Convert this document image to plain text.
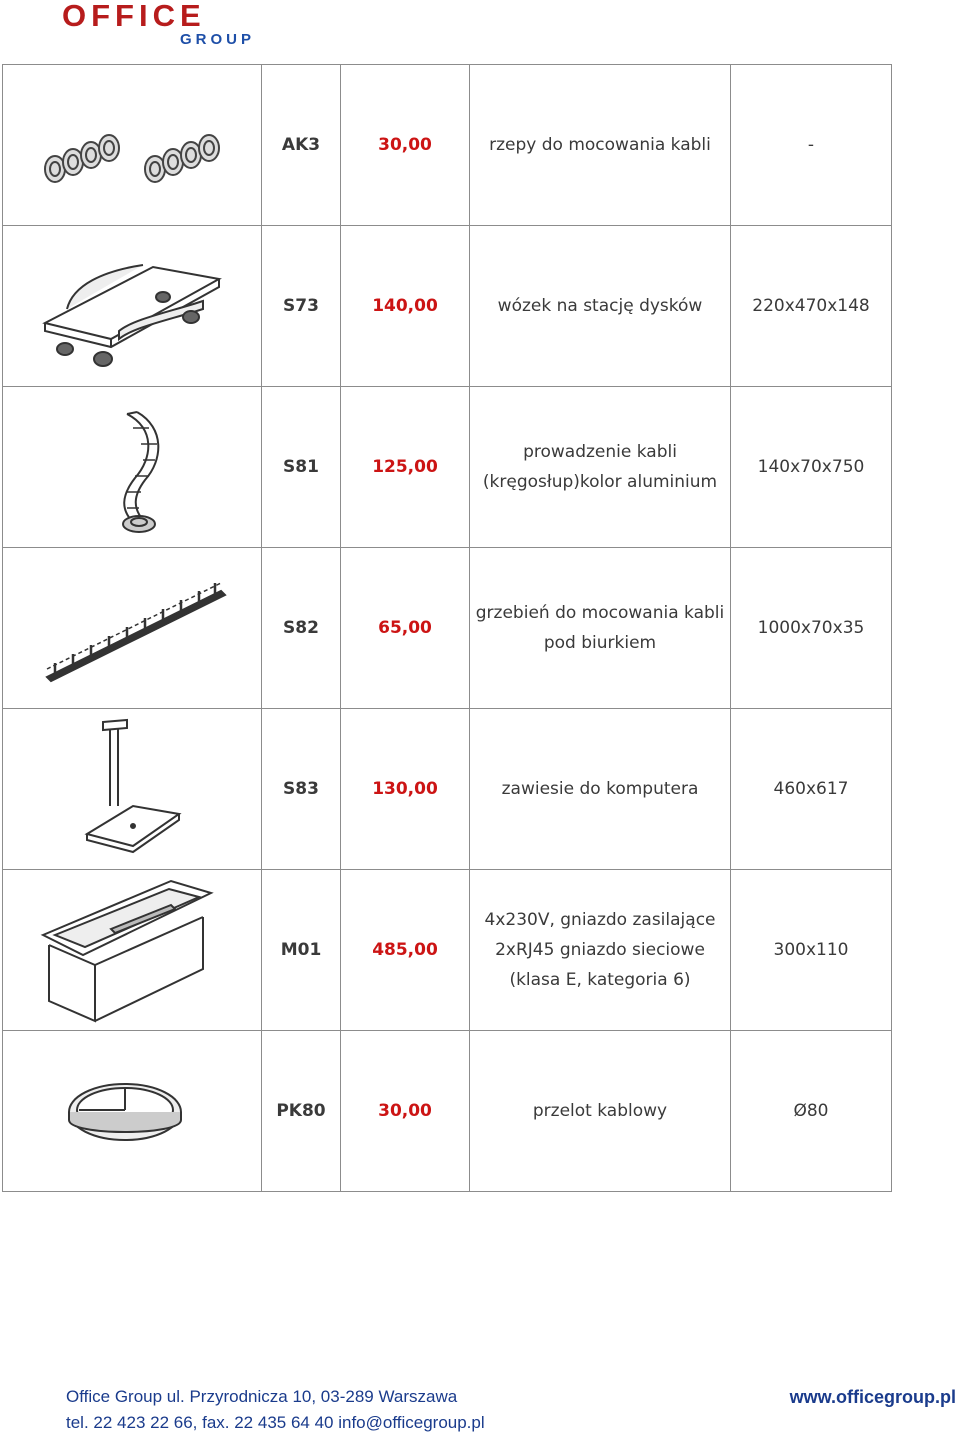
OFFICE
GROUP
	AK3	30,00	rzepy do mocowania kabli	-

	S73	140,00	wózek na stację dysków	220x470x148

	S81	125,00	prowadzenie kabli
(kręgosłup)kolor aluminium	140x70x750

	S82	65,00	grzebień do mocowania kabli
pod biurkiem	1000x70x35

	S83	130,00	zawiesie do komputera	460x617

	M01	485,00	4x230V, gniazdo zasilające
2xRJ45 gniazdo sieciowe
(klasa E, kategoria 6)	300x110

	PK80	30,00	przelot kablowy	Ø80
Office Group ul. Przyrodnicza 10, 03-289 Warszawa
tel. 22 423 22 66, fax. 22 435 64 40 info@officegroup.pl
www.officegroup.pl
